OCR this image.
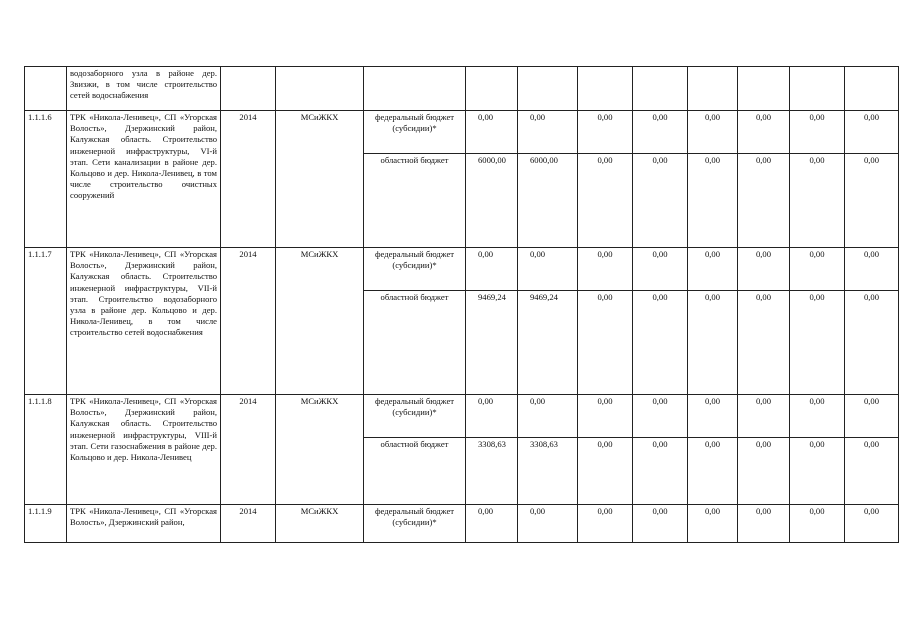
	водозаборного узла в районе дер. Звизжи, в том числе строительство сетей водоснабжения											
1.1.1.6	ТРК «Никола-Ленивец», СП «Угорская Волость», Дзержинский район, Калужская область. Строительство инженерной инфраструктуры, VI-й этап. Сети канализации в районе дер. Кольцово и дер. Никола-Ленивец, в том числе строительство очистных сооружений	2014	МСиЖКХ	федеральный бюджет (субсидии)*	0,00	0,00	0,00	0,00	0,00	0,00	0,00	0,00
				областной бюджет	6000,00	6000,00	0,00	0,00	0,00	0,00	0,00	0,00
1.1.1.7	ТРК «Никола-Ленивец», СП «Угорская Волость», Дзержинский район, Калужская область. Строительство инженерной инфраструктуры, VII-й этап. Строительство водозаборного узла в районе дер. Кольцово и дер. Никола-Ленивец, в том числе строительство сетей водоснабжения	2014	МСиЖКХ	федеральный бюджет (субсидии)*	0,00	0,00	0,00	0,00	0,00	0,00	0,00	0,00
				областной бюджет	9469,24	9469,24	0,00	0,00	0,00	0,00	0,00	0,00
1.1.1.8	ТРК «Никола-Ленивец», СП «Угорская Волость», Дзержинский район, Калужская область. Строительство инженерной инфраструктуры, VIII-й этап. Сети газоснабжения в районе дер. Кольцово и дер. Никола-Ленивец	2014	МСиЖКХ	федеральный бюджет (субсидии)*	0,00	0,00	0,00	0,00	0,00	0,00	0,00	0,00
				областной бюджет	3308,63	3308,63	0,00	0,00	0,00	0,00	0,00	0,00
1.1.1.9	ТРК «Никола-Ленивец», СП «Угорская Волость», Дзержинский район,	2014	МСиЖКХ	федеральный бюджет (субсидии)*	0,00	0,00	0,00	0,00	0,00	0,00	0,00	0,00
